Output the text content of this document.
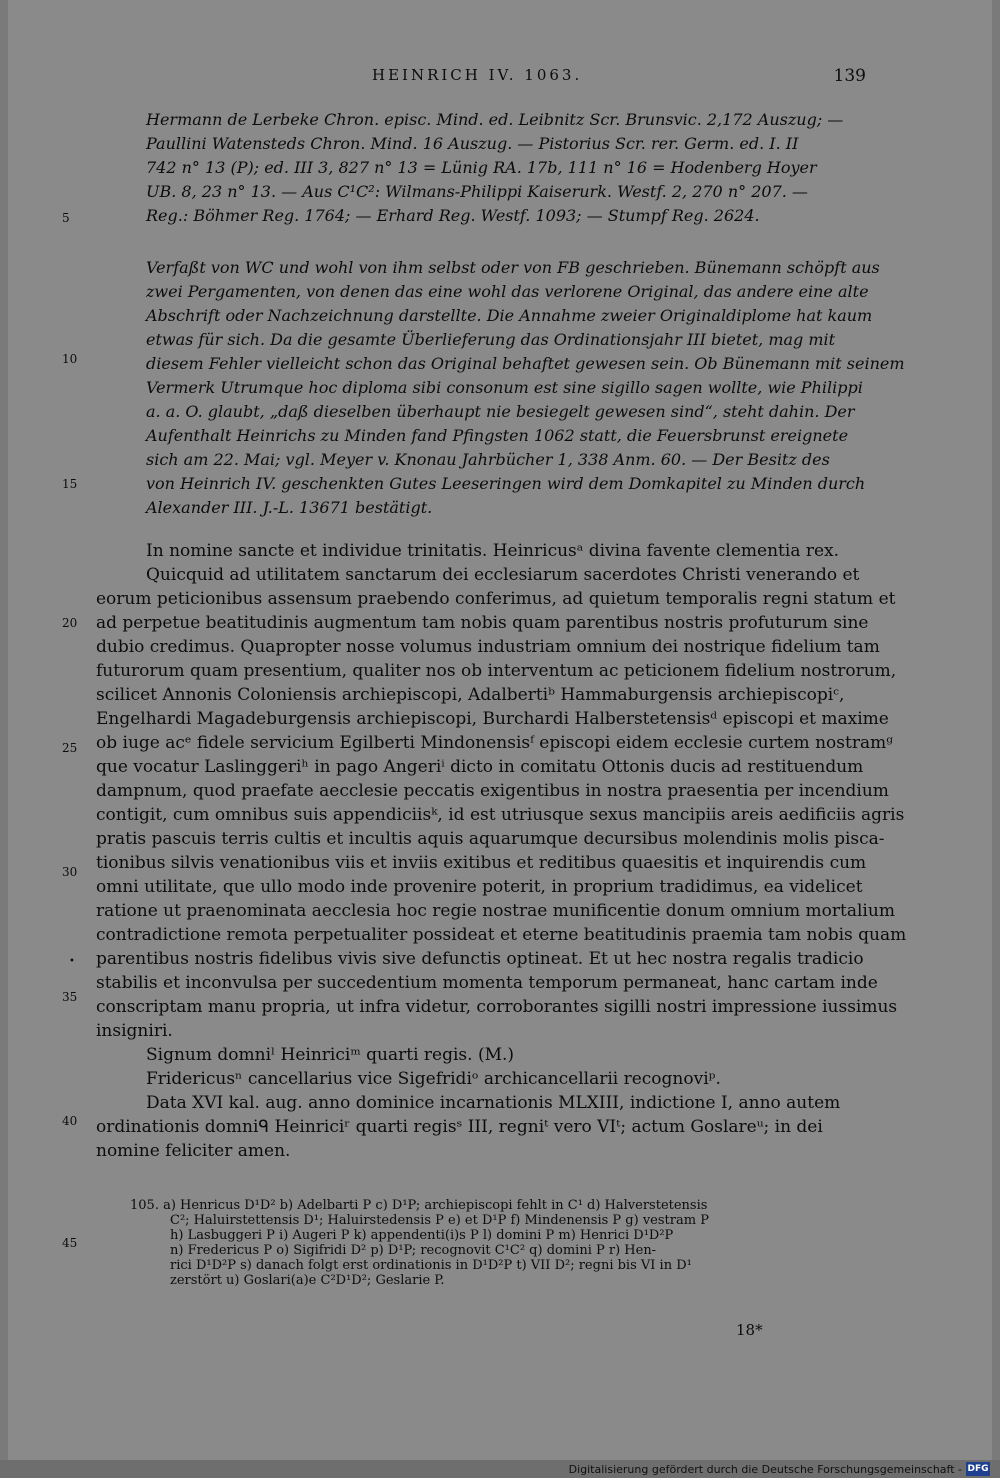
HEINRICH IV. 1063.	139
Hermann de Lerbeke Chron. episc. Mind. ed. Leibnitz Scr. Brunsvic. 2,172 Auszug; —
Paullini Watensteds Chron. Mind. 16 Auszug. — Pistorius Scr. rer. Germ. ed. I. II
742 n° 13 (P); ed. III 3, 827 n° 13 = Lünig RA. 17b, 111 n° 16 = Hodenberg Hoyer
UB. 8, 23 n° 13. — Aus C¹C²: Wilmans-Philippi Kaiserurk. Westf. 2, 270 n° 207. —
Reg.: Böhmer Reg. 1764; — Erhard Reg. Westf. 1093; — Stumpf Reg. 2624.
Verfaßt von WC und wohl von ihm selbst oder von FB geschrieben. Bünemann schöpft aus
zwei Pergamenten, von denen das eine wohl das verlorene Original, das andere eine alte
Abschrift oder Nachzeichnung darstellte. Die Annahme zweier Originaldiplome hat kaum
etwas für sich. Da die gesamte Überlieferung das Ordinationsjahr III bietet, mag mit
diesem Fehler vielleicht schon das Original behaftet gewesen sein. Ob Bünemann mit seinem
Vermerk Utrumque hoc diploma sibi consonum est sine sigillo sagen wollte, wie Philippi
a. a. O. glaubt, „daß dieselben überhaupt nie besiegelt gewesen sind“, steht dahin. Der
Aufenthalt Heinrichs zu Minden fand Pfingsten 1062 statt, die Feuersbrunst ereignete
sich am 22. Mai; vgl. Meyer v. Knonau Jahrbücher 1, 338 Anm. 60. — Der Besitz des
von Heinrich IV. geschenkten Gutes Leeseringen wird dem Domkapitel zu Minden durch
Alexander III. J.-L. 13671 bestätigt.
In nomine sancte et individue trinitatis. Heinricusᵃ divina favente clementia rex.
Quicquid ad utilitatem sanctarum dei ecclesiarum sacerdotes Christi venerando et
eorum peticionibus assensum praebendo conferimus, ad quietum temporalis regni statum et
ad perpetue beatitudinis augmentum tam nobis quam parentibus nostris profuturum sine
dubio credimus. Quapropter nosse volumus industriam omnium dei nostrique fidelium tam
futurorum quam presentium, qualiter nos ob interventum ac peticionem fidelium nostrorum,
scilicet Annonis Coloniensis archiepiscopi, Adalbertiᵇ Hammaburgensis archiepiscopiᶜ,
Engelhardi Magadeburgensis archiepiscopi, Burchardi Halberstetensisᵈ episcopi et maxime
ob iuge acᵉ fidele servicium Egilberti Mindonensisᶠ episcopi eidem ecclesie curtem nostramᵍ
que vocatur Laslinggeriʰ in pago Angeriⁱ dicto in comitatu Ottonis ducis ad restituendum
dampnum, quod praefate aecclesie peccatis exigentibus in nostra praesentia per incendium
contigit, cum omnibus suis appendiciisᵏ, id est utriusque sexus mancipiis areis aedificiis agris
pratis pascuis terris cultis et incultis aquis aquarumque decursibus molendinis molis pisca-
tionibus silvis venationibus viis et inviis exitibus et reditibus quaesitis et inquirendis cum
omni utilitate, que ullo modo inde provenire poterit, in proprium tradidimus, ea videlicet
ratione ut praenominata aecclesia hoc regie nostrae munificentie donum omnium mortalium
contradictione remota perpetualiter possideat et eterne beatitudinis praemia tam nobis quam
parentibus nostris fidelibus vivis sive defunctis optineat. Et ut hec nostra regalis tradicio
stabilis et inconvulsa per succedentium momenta temporum permaneat, hanc cartam inde
conscriptam manu propria, ut infra videtur, corroborantes sigilli nostri impressione iussimus
insigniri.
Signum domniˡ Heinriciᵐ quarti regis. (M.)
Fridericusⁿ cancellarius vice Sigefridiᵒ archicancellarii recognoviᵖ.
Data XVI kal. aug. anno dominice incarnationis MLXIII, indictione I, anno autem
ordinationis domniᑫ Heinriciʳ quarti regisˢ III, regniᵗ vero VIᵗ; actum Goslareᵘ; in dei
nomine feliciter amen.
105. a) Henricus D¹D² b) Adelbarti P c) D¹P; archiepiscopi fehlt in C¹ d) Halverstetensis
C²; Haluirstettensis D¹; Haluirstedensis P e) et D¹P f) Mindenensis P g) vestram P
h) Lasbuggeri P i) Augeri P k) appendenti(i)s P l) domini P m) Henrici D¹D²P
n) Fredericus P o) Sigifridi D² p) D¹P; recognovit C¹C² q) domini P r) Hen-
rici D¹D²P s) danach folgt erst ordinationis in D¹D²P t) VII D²; regni bis VI in D¹
zerstört u) Goslari(a)e C²D¹D²; Geslarie P.
5
10
15
20
25
30
35
40
45
•
18*
Digitalisierung gefördert durch die Deutsche Forschungsgemeinschaft - DFG
